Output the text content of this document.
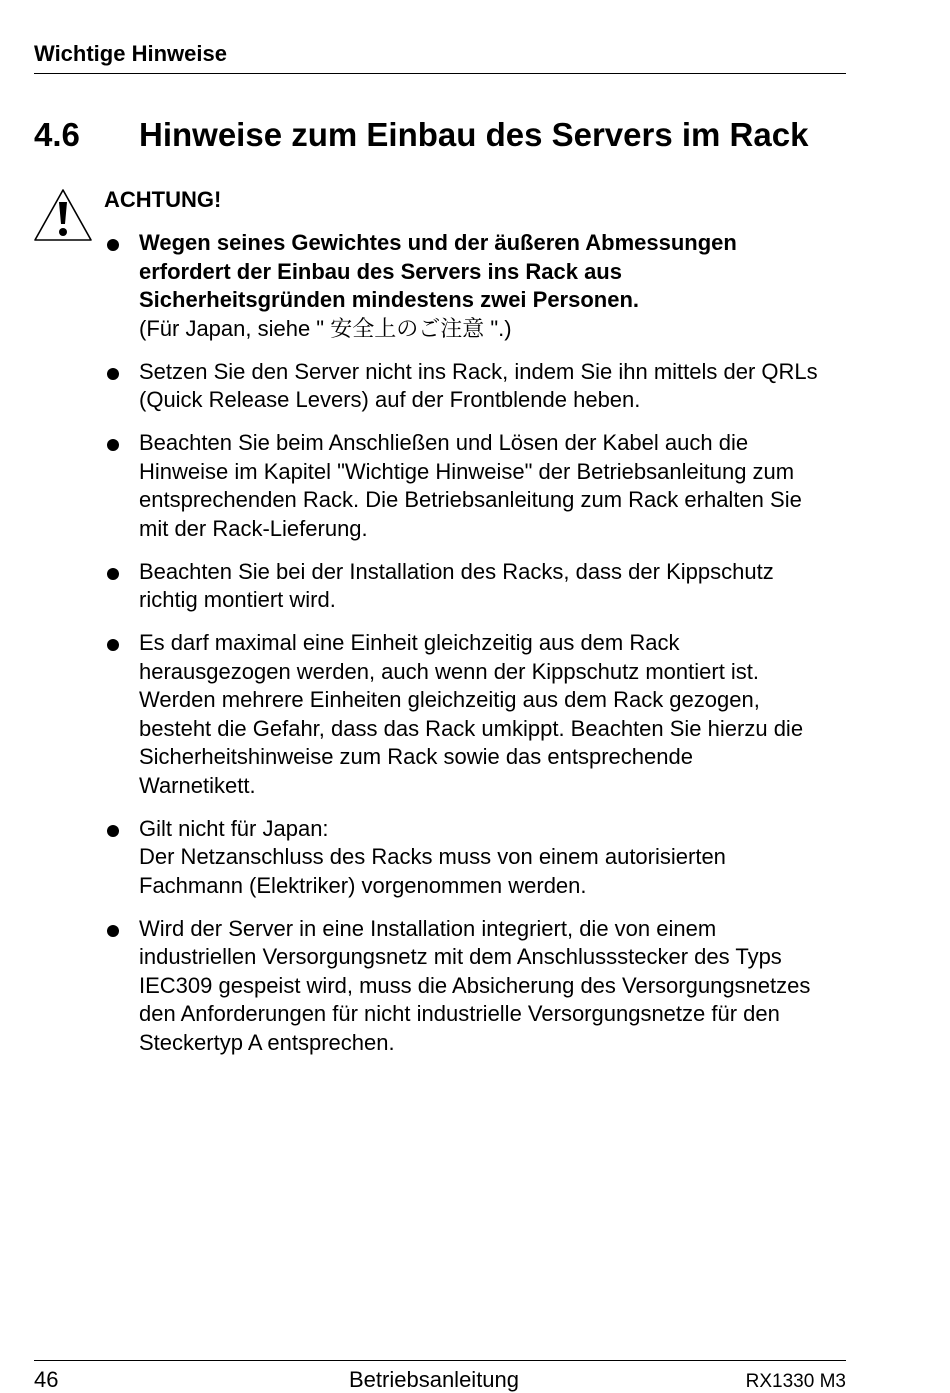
Wichtige Hinweise
4.6 Hinweise zum Einbau des Servers im Rack
ACHTUNG!
Wegen seines Gewichtes und der äußeren Abmessungen
erfordert der Einbau des Servers ins Rack aus
Sicherheitsgründen mindestens zwei Personen.
(Für Japan, siehe " 安全上のご注意 ".)
Setzen Sie den Server nicht ins Rack, indem Sie ihn mittels der QRLs
(Quick Release Levers) auf der Frontblende heben.
Beachten Sie beim Anschließen und Lösen der Kabel auch die
Hinweise im Kapitel "Wichtige Hinweise" der Betriebsanleitung zum
entsprechenden Rack. Die Betriebsanleitung zum Rack erhalten Sie
mit der Rack-Lieferung.
Beachten Sie bei der Installation des Racks, dass der Kippschutz
richtig montiert wird.
Es darf maximal eine Einheit gleichzeitig aus dem Rack
herausgezogen werden, auch wenn der Kippschutz montiert ist.
Werden mehrere Einheiten gleichzeitig aus dem Rack gezogen,
besteht die Gefahr, dass das Rack umkippt. Beachten Sie hierzu die
Sicherheitshinweise zum Rack sowie das entsprechende
Warnetikett.
Gilt nicht für Japan:
Der Netzanschluss des Racks muss von einem autorisierten
Fachmann (Elektriker) vorgenommen werden.
Wird der Server in eine Installation integriert, die von einem
industriellen Versorgungsnetz mit dem Anschlussstecker des Typs
IEC309 gespeist wird, muss die Absicherung des Versorgungsnetzes
den Anforderungen für nicht industrielle Versorgungsnetze für den
Steckertyp A entsprechen.
46	Betriebsanleitung	RX1330 M3
